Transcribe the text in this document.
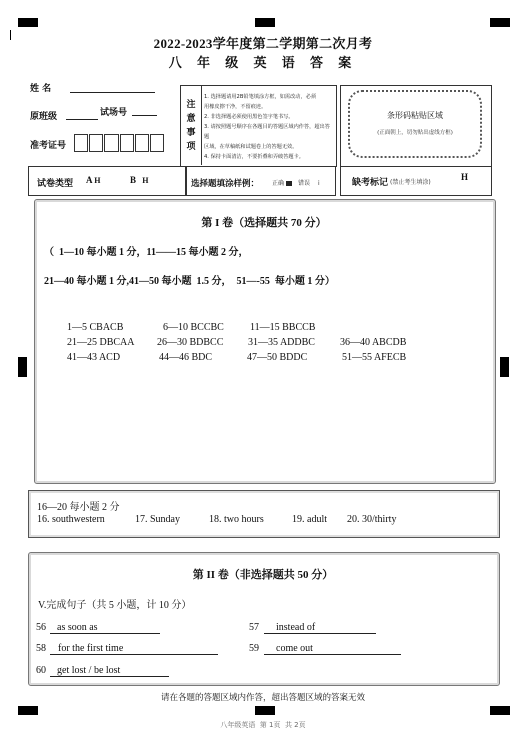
2022-2023学年度第二学期第二次月考
八 年 级 英 语 答 案
姓 名
原班级	试场号
准考证号
注
意
事
项
1. 选择题请用2B铅笔填涂方框，如需改动，必须
用橡皮擦干净，不留痕迹。
2. 非选择题必须使用黑色签字笔书写。
3. 请按照题号顺序在各题目的答题区域内作答，超出答题
区域，在草稿纸和试题卷上的答题无效。
4. 保持卡面清洁，不要折叠和弄破答题卡。
条形码粘贴区域
(正面朝上，切勿贴出虚线方框)
试卷类型 A H	B H	选择题填涂样例： 正确	错误 i	缺考标记 (禁止考生填涂)
H
第 I 卷（选择题共 70 分）
（  1—10 每小题 1 分，11——15 每小题 2 分，
21—40 每小题 1 分,41—50 每小题  1.5 分，  51—-55  每小题 1 分）
1—5 CBACB	6—10 BCCBC	11—15 BBCCB
21—25 DBCAA 26—30 BDBCC 31—35 ADDBC	36—40 ABCDB
41—43 ACD	44—46 BDC	47—50 BDDC	51—55 AFECB
16—20 每小题 2 分
16. southwestern	17. Sunday	18. two hours	19. adult 20. 30/thirty
第 II 卷（非选择题共 50 分）
V.完成句子（共 5 小题，计 10 分）
56	as soon as	57	instead of
58	for the first time	59	come out
60	get lost / be lost
请在各题的答题区域内作答，超出答题区域的答案无效
八年级英语  第 1页  共 2页
